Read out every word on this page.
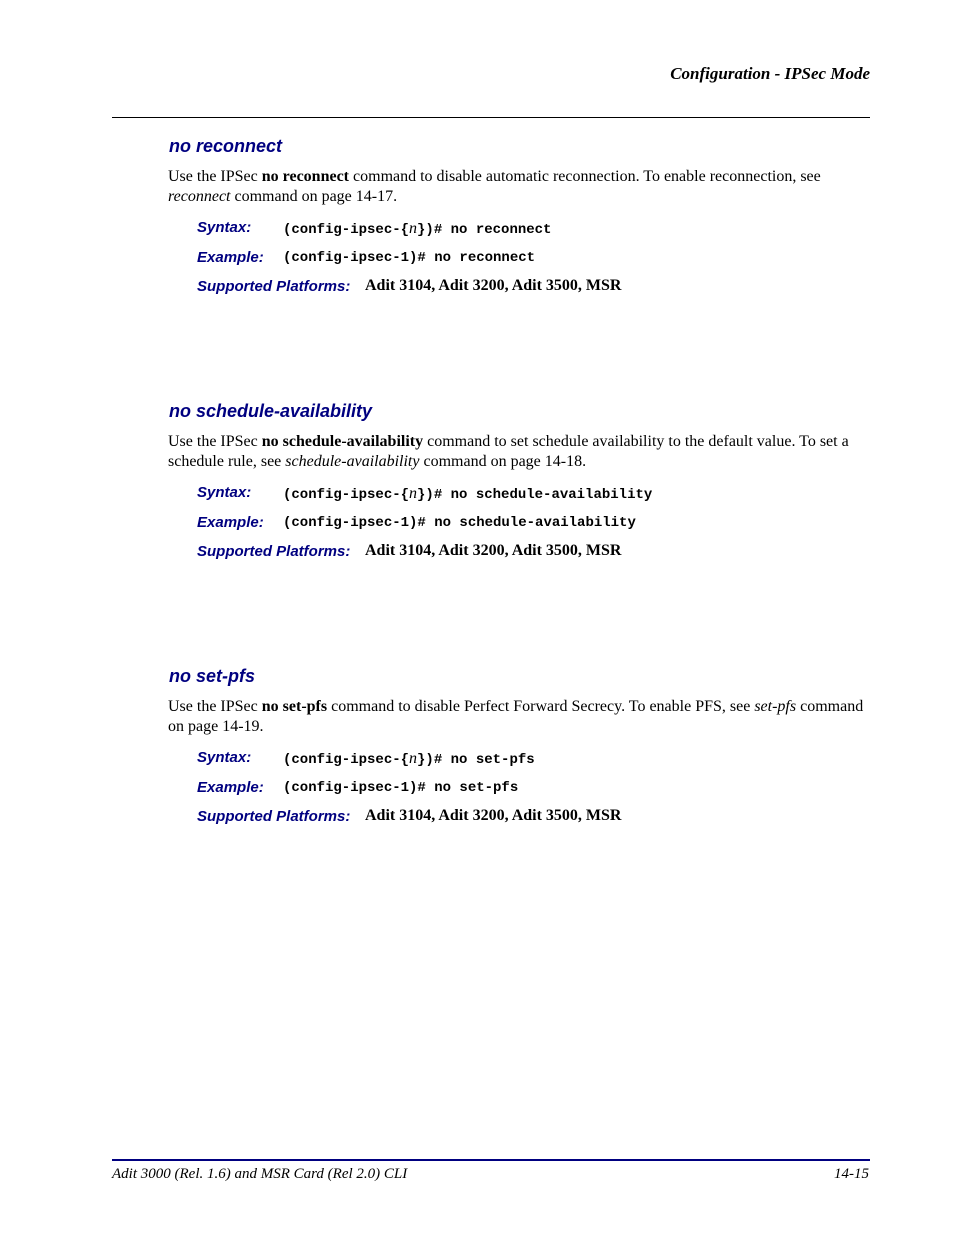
Configuration - IPSec Mode
no reconnect
Use the IPSec no reconnect command to disable automatic reconnection. To enable reconnection, see reconnect command on page 14-17.
Syntax: (config-ipsec-{n})# no reconnect
Example: (config-ipsec-1)# no reconnect
Supported Platforms: Adit 3104, Adit 3200, Adit 3500, MSR
no schedule-availability
Use the IPSec no schedule-availability command to set schedule availability to the default value. To set a schedule rule, see schedule-availability command on page 14-18.
Syntax: (config-ipsec-{n})# no schedule-availability
Example: (config-ipsec-1)# no schedule-availability
Supported Platforms: Adit 3104, Adit 3200, Adit 3500, MSR
no set-pfs
Use the IPSec no set-pfs command to disable Perfect Forward Secrecy. To enable PFS, see set-pfs command on page 14-19.
Syntax: (config-ipsec-{n})# no set-pfs
Example: (config-ipsec-1)# no set-pfs
Supported Platforms: Adit 3104, Adit 3200, Adit 3500, MSR
Adit 3000 (Rel. 1.6) and MSR Card (Rel 2.0) CLI	14-15
